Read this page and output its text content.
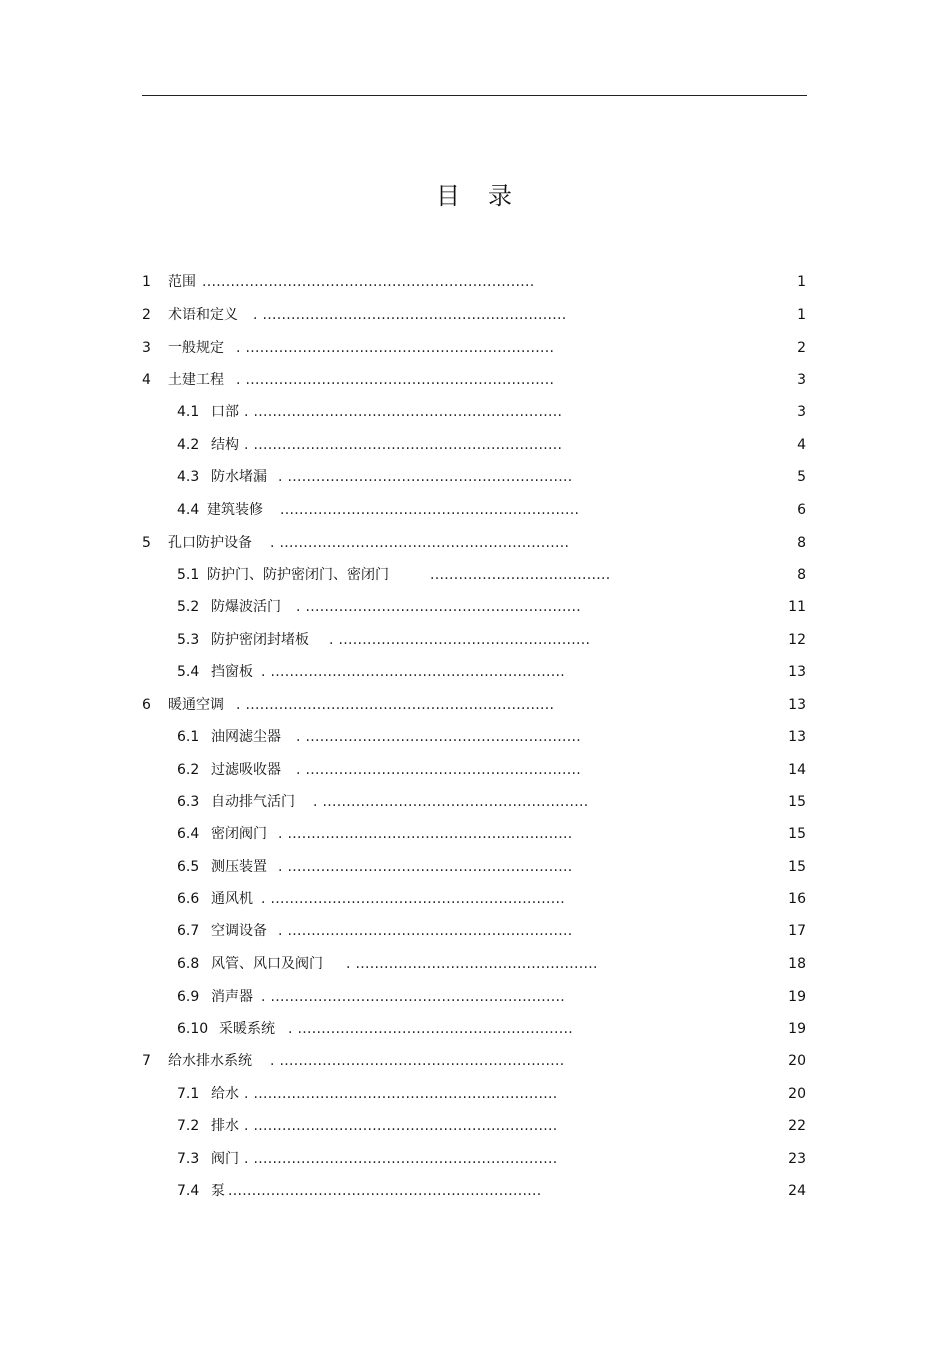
目 录
1 范围 ......................................................................	1
2 术语和定义 . ................................................................	1
3 一般规定 . .................................................................	2
4 土建工程 . .................................................................	3
4.1 口部 . .................................................................	3
4.2 结构 . .................................................................	4
4.3 防水堵漏 . ............................................................	5
4.4 建筑装修 ...............................................................	6
5 孔口防护设备 . .............................................................	8
5.1 防护门、防护密闭门、密闭门	......................................	8
5.2 防爆波活门 . ..........................................................	11
5.3 防护密闭封堵板 . .....................................................	12
5.4 挡窗板 . ..............................................................	13
6 暖通空调 . .................................................................	13
6.1 油网滤尘器 . ..........................................................	13
6.2 过滤吸收器 . ..........................................................	14
6.3 自动排气活门 . ........................................................	15
6.4 密闭阀门 . ............................................................	15
6.5 测压装置 . ............................................................	15
6.6 通风机 . ..............................................................	16
6.7 空调设备 . ............................................................	17
6.8 风管、风口及阀门 . ...................................................	18
6.9 消声器 . ..............................................................	19
6.10 采暖系统 . ..........................................................	19
7 给水排水系统 . ............................................................	20
7.1 给水 . ................................................................	20
7.2 排水 . ................................................................	22
7.3 阀门 . ................................................................	23
7.4 泵 ..................................................................	24
